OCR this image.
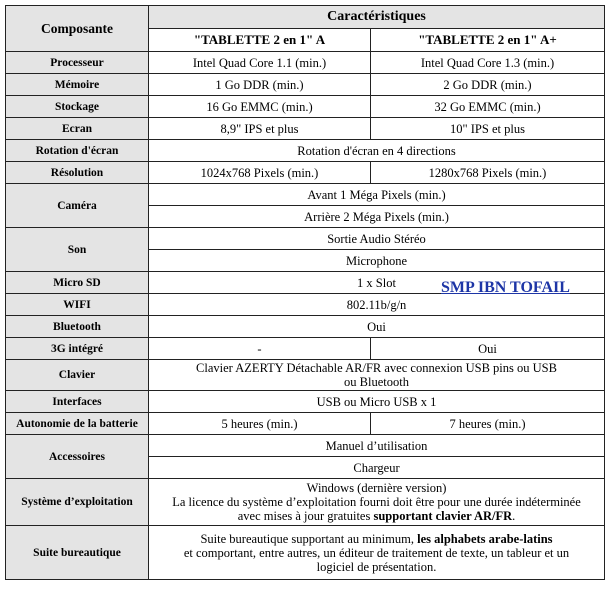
Composante	Caractéristiques	
	"TABLETTE 2 en 1" A	"TABLETTE 2 en 1" A+
Processeur	Intel Quad Core 1.1 (min.)	Intel Quad Core 1.3 (min.)
Mémoire	1 Go DDR (min.)	2 Go DDR (min.)
Stockage	16 Go EMMC (min.)	32 Go EMMC (min.)
Ecran	8,9" IPS et plus	10" IPS et plus
Rotation d'écran	Rotation d'écran en 4 directions	
Résolution	1024x768 Pixels (min.)	1280x768 Pixels (min.)
Caméra	Avant 1 Méga Pixels (min.)	
	Arrière 2 Méga Pixels (min.)	
Son	Sortie Audio Stéréo	
	Microphone	
Micro SD	1 x Slot	
WIFI	802.11b/g/n	
Bluetooth	Oui	
3G intégré	-	Oui
Clavier	Clavier AZERTY Détachable AR/FR avec connexion USB pins ou USB
ou Bluetooth	

Interfaces	USB ou Micro USB x 1	
Autonomie de la batterie	5 heures (min.)	7 heures (min.)
Accessoires	Manuel d’utilisation	
	Chargeur	
Système d’exploitation	Windows (dernière version)
La licence du système d’exploitation fourni doit être pour une durée indéterminée
avec mises à jour gratuites supportant clavier AR/FR.	

Suite bureautique	Suite bureautique supportant au minimum, les alphabets arabe-latins
et comportant, entre autres, un éditeur de traitement de texte, un tableur et un
logiciel de présentation.	
SMP IBN TOFAIL
